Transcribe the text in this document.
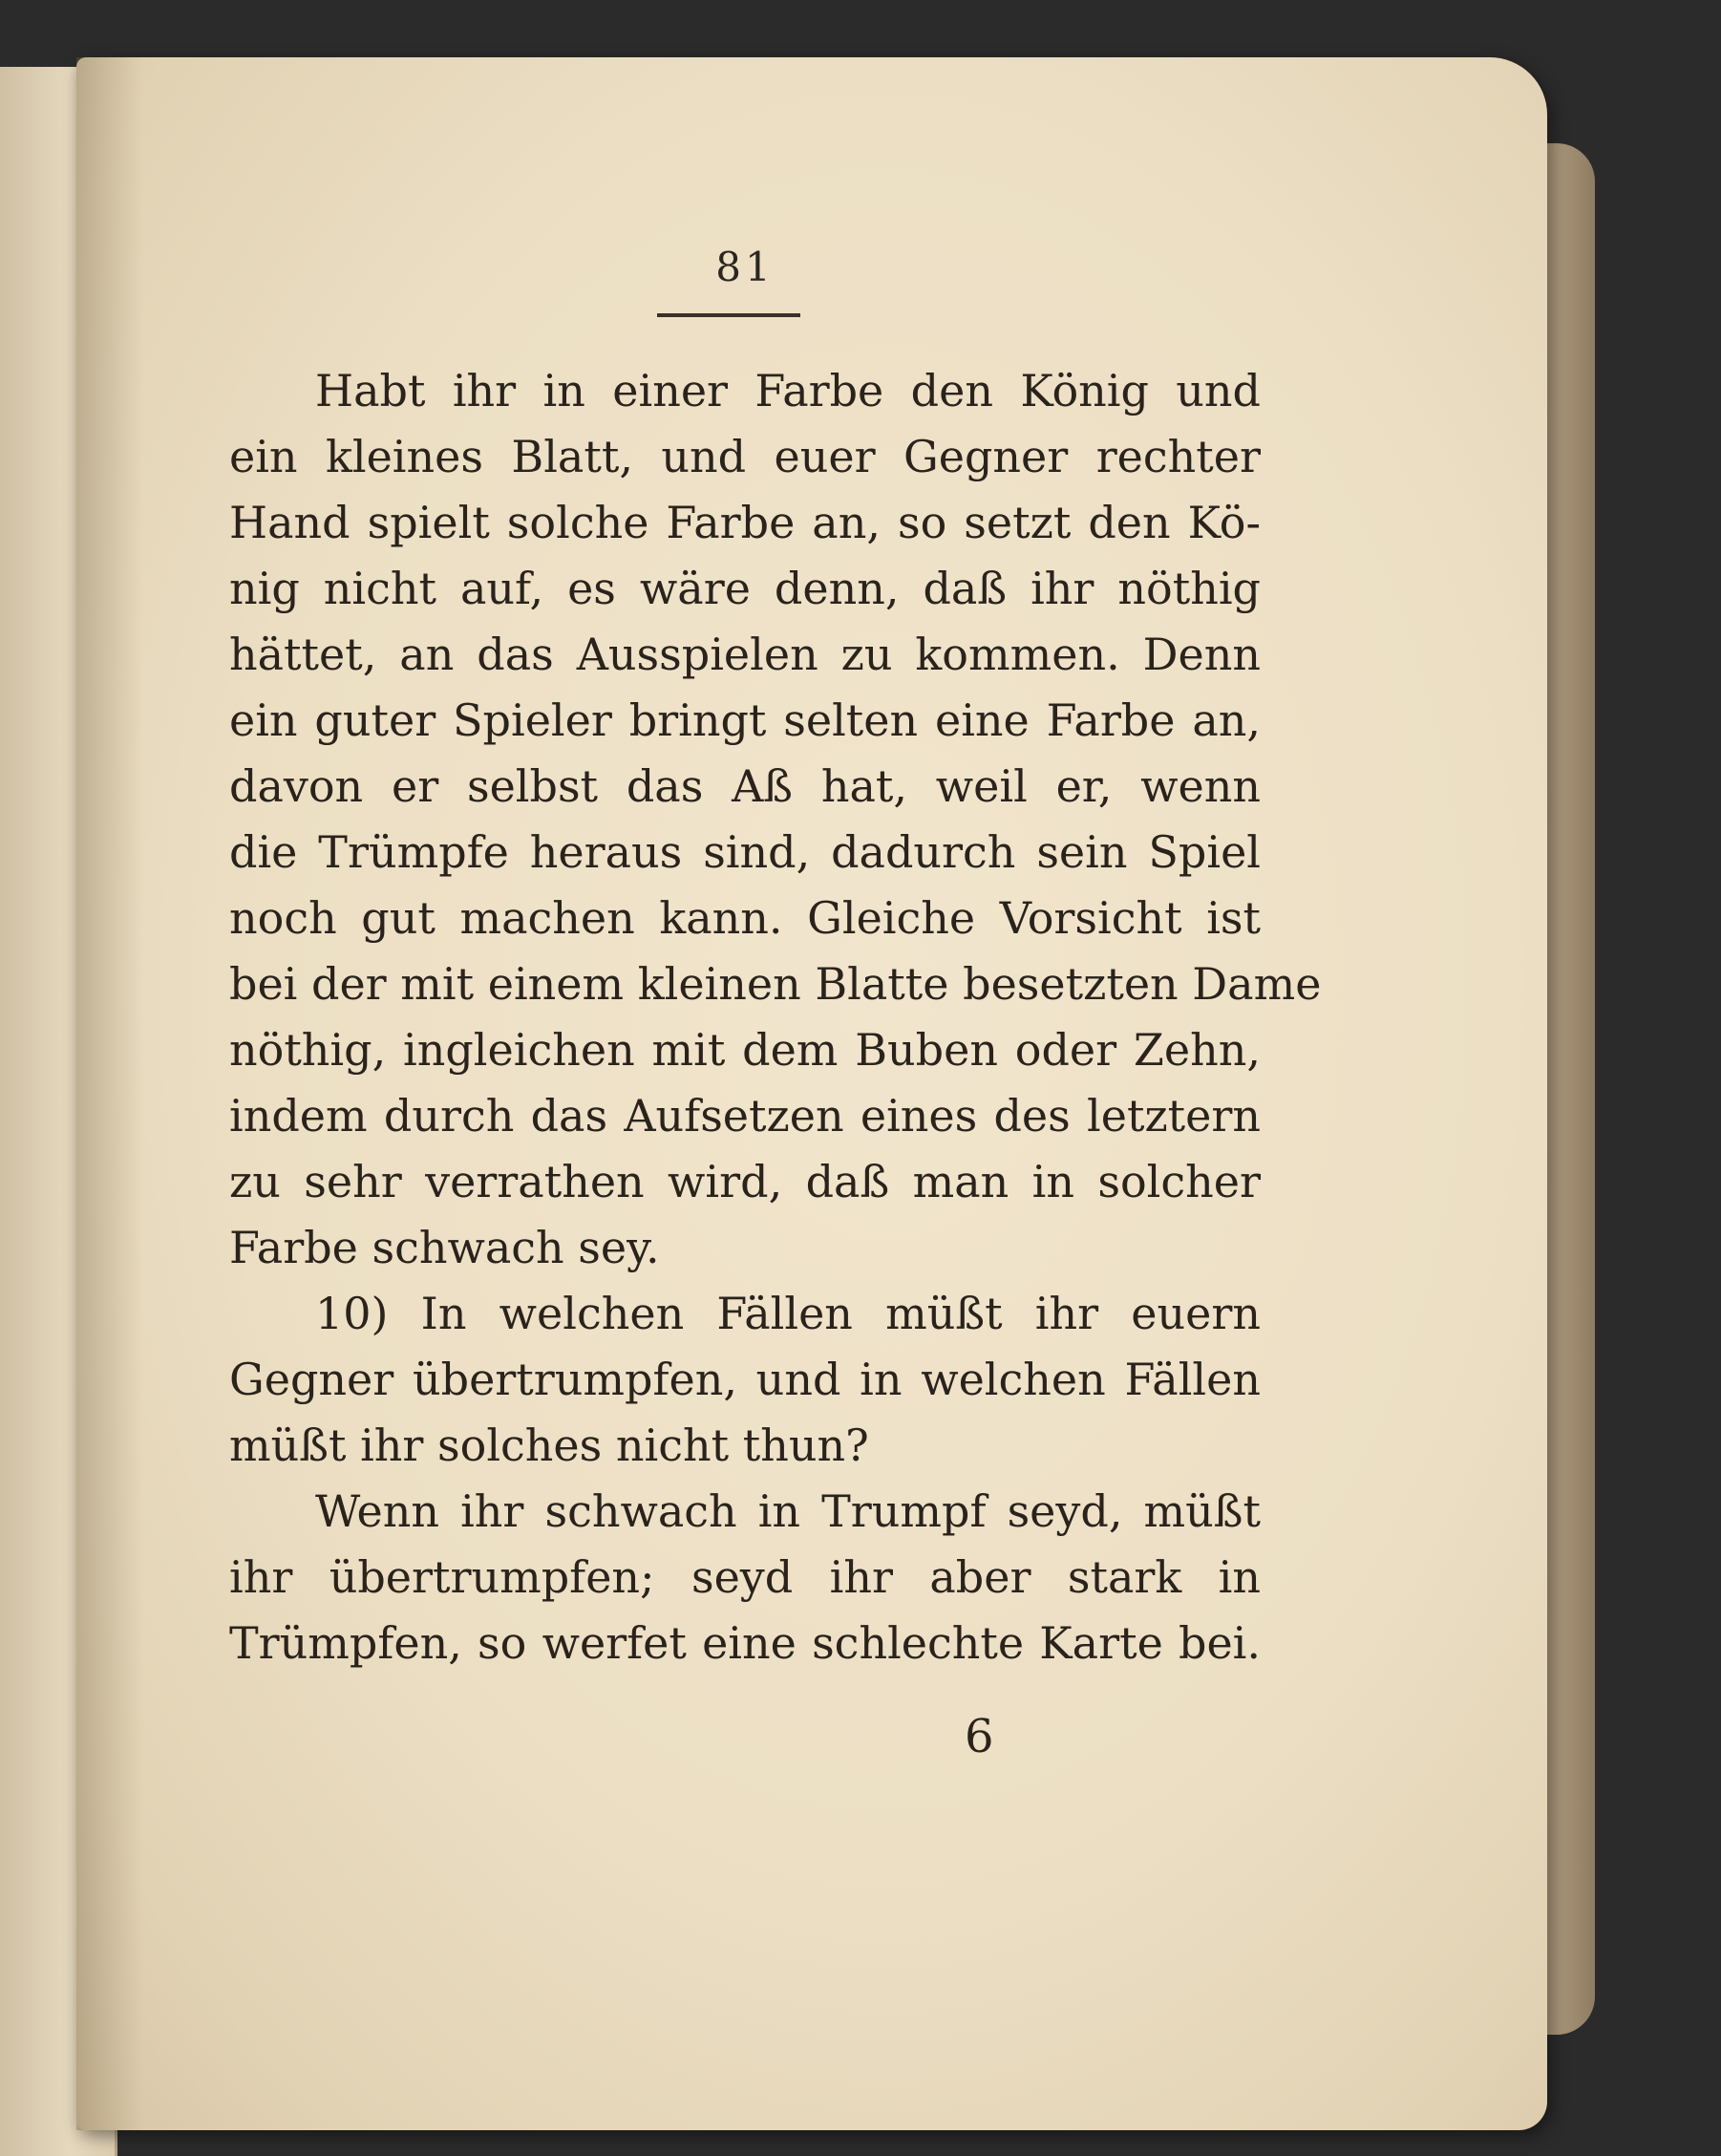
81
Habt ihr in einer Farbe den König und
ein kleines Blatt, und euer Gegner rechter
Hand spielt solche Farbe an, so setzt den Kö-
nig nicht auf, es wäre denn, daß ihr nöthig
hättet, an das Ausspielen zu kommen. Denn
ein guter Spieler bringt selten eine Farbe an,
davon er selbst das Aß hat, weil er, wenn
die Trümpfe heraus sind, dadurch sein Spiel
noch gut machen kann. Gleiche Vorsicht ist
bei der mit einem kleinen Blatte besetzten Dame
nöthig, ingleichen mit dem Buben oder Zehn,
indem durch das Aufsetzen eines des letztern
zu sehr verrathen wird, daß man in solcher
Farbe schwach sey.
10) In welchen Fällen müßt ihr euern
Gegner übertrumpfen, und in welchen Fällen
müßt ihr solches nicht thun?
Wenn ihr schwach in Trumpf seyd, müßt
ihr übertrumpfen; seyd ihr aber stark in
Trümpfen, so werfet eine schlechte Karte bei.
6
